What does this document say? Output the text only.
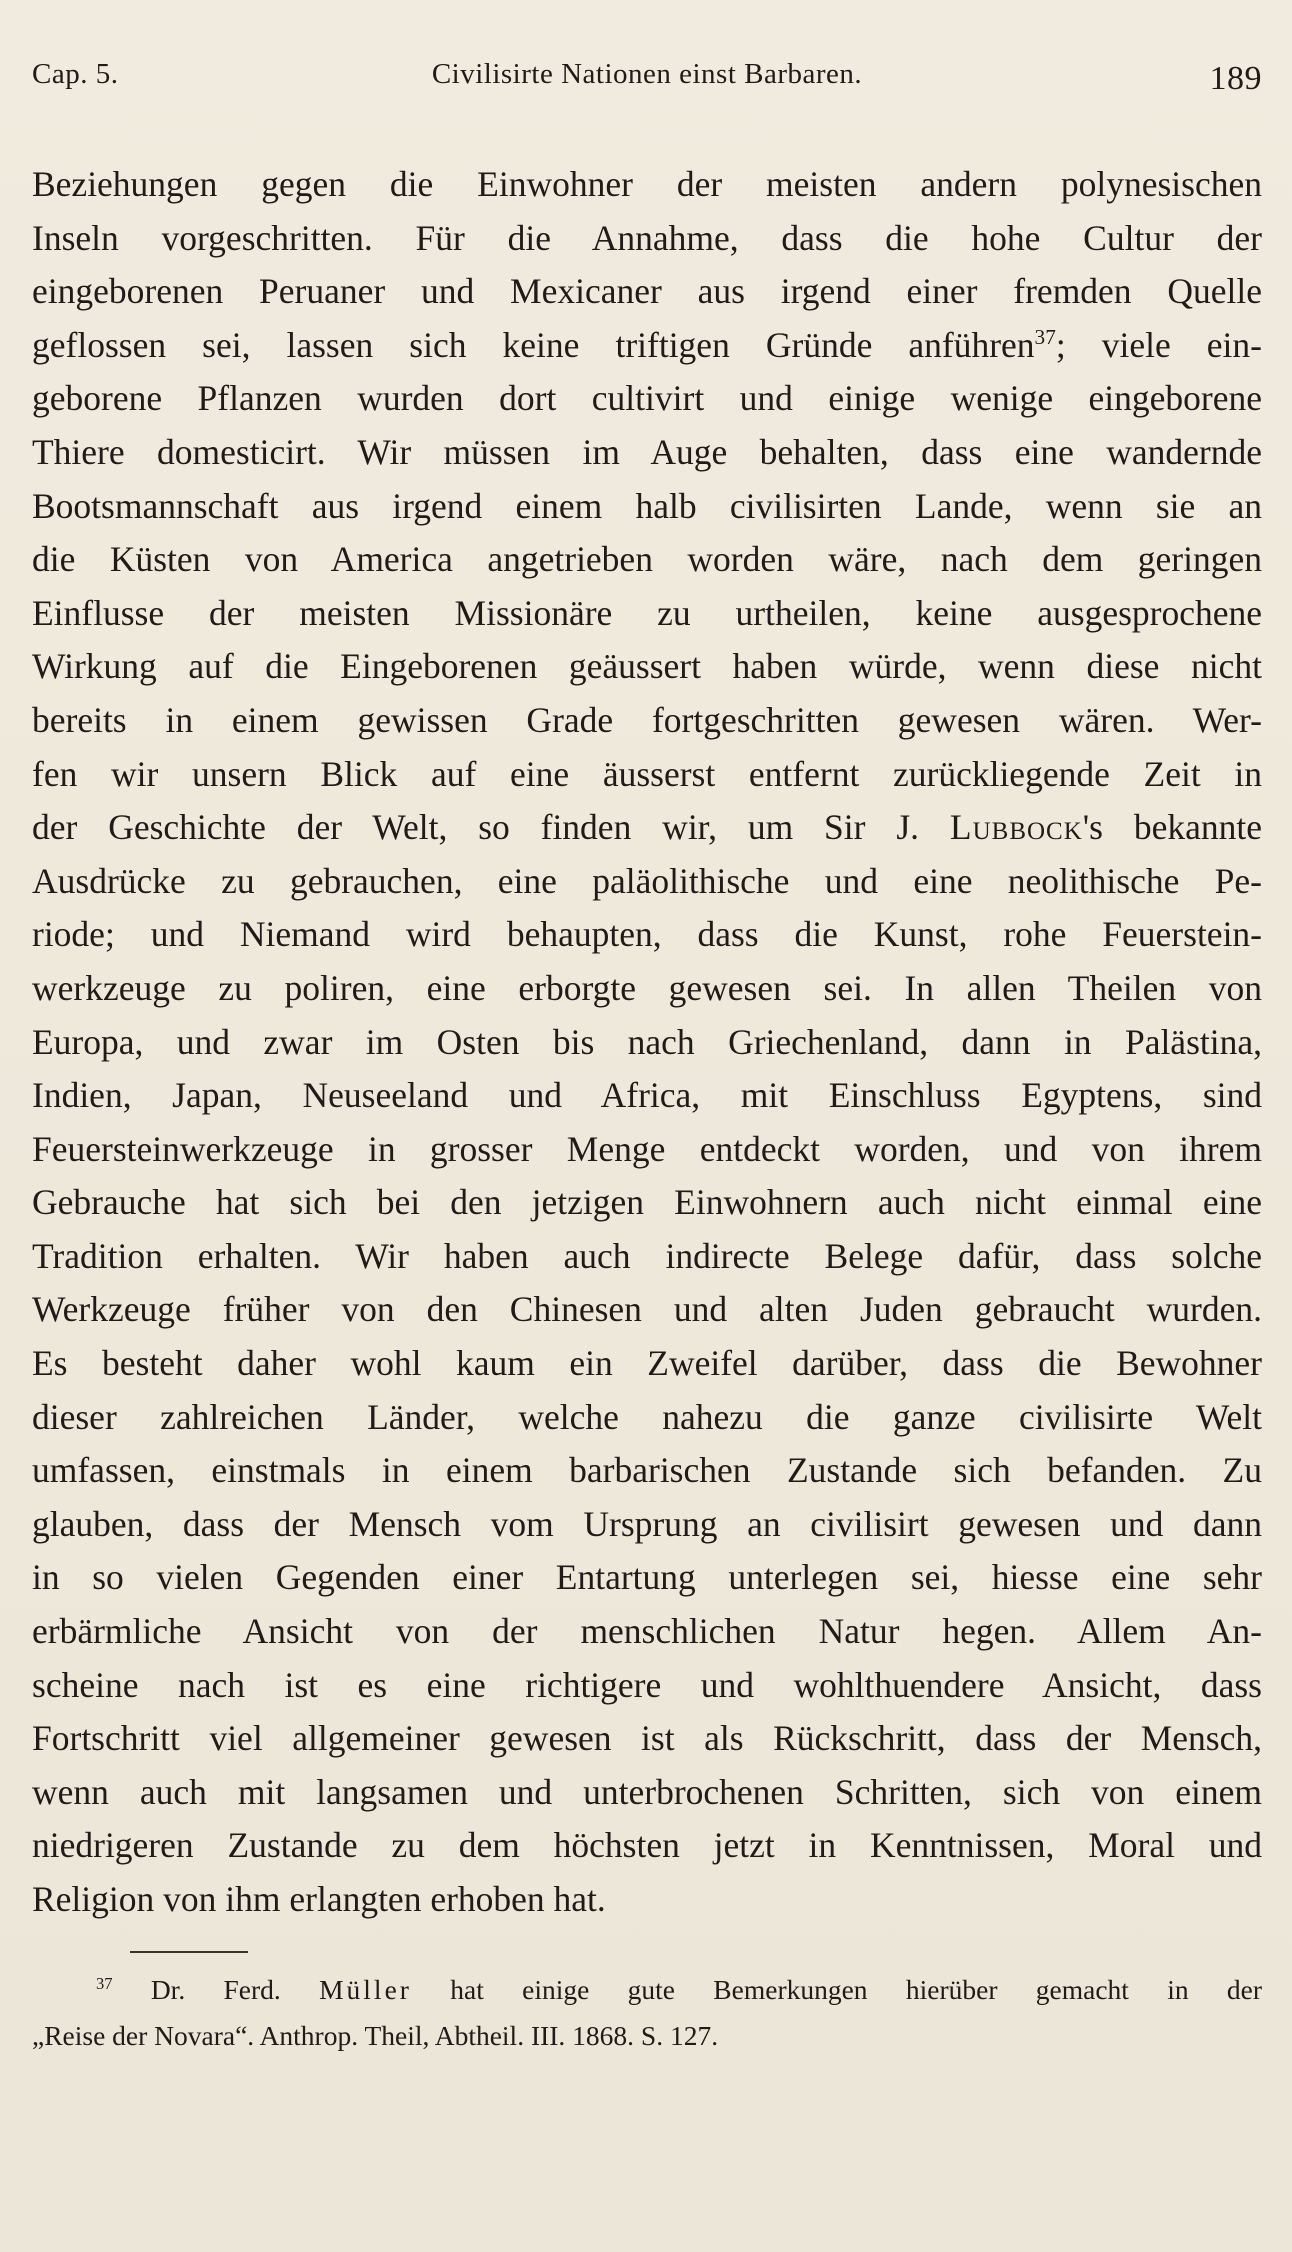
Cap. 5.	Civilisirte Nationen einst Barbaren.	189
Beziehungen gegen die Einwohner der meisten andern polynesischen
Inseln vorgeschritten. Für die Annahme, dass die hohe Cultur der
eingeborenen Peruaner und Mexicaner aus irgend einer fremden Quelle
geflossen sei, lassen sich keine triftigen Gründe anführen$^{37}$; viele ein-
geborene Pflanzen wurden dort cultivirt und einige wenige eingeborene
Thiere domesticirt. Wir müssen im Auge behalten, dass eine wandernde
Bootsmannschaft aus irgend einem halb civilisirten Lande, wenn sie an
die Küsten von America angetrieben worden wäre, nach dem geringen
Einflusse der meisten Missionäre zu urtheilen, keine ausgesprochene
Wirkung auf die Eingeborenen geäussert haben würde, wenn diese nicht
bereits in einem gewissen Grade fortgeschritten gewesen wären. Wer-
fen wir unsern Blick auf eine äusserst entfernt zurückliegende Zeit in
der Geschichte der Welt, so finden wir, um Sir J. Lubbock's bekannte
Ausdrücke zu gebrauchen, eine paläolithische und eine neolithische Pe-
riode; und Niemand wird behaupten, dass die Kunst, rohe Feuerstein-
werkzeuge zu poliren, eine erborgte gewesen sei. In allen Theilen von
Europa, und zwar im Osten bis nach Griechenland, dann in Palästina,
Indien, Japan, Neuseeland und Africa, mit Einschluss Egyptens, sind
Feuersteinwerkzeuge in grosser Menge entdeckt worden, und von ihrem
Gebrauche hat sich bei den jetzigen Einwohnern auch nicht einmal eine
Tradition erhalten. Wir haben auch indirecte Belege dafür, dass solche
Werkzeuge früher von den Chinesen und alten Juden gebraucht wurden.
Es besteht daher wohl kaum ein Zweifel darüber, dass die Bewohner
dieser zahlreichen Länder, welche nahezu die ganze civilisirte Welt
umfassen, einstmals in einem barbarischen Zustande sich befanden. Zu
glauben, dass der Mensch vom Ursprung an civilisirt gewesen und dann
in so vielen Gegenden einer Entartung unterlegen sei, hiesse eine sehr
erbärmliche Ansicht von der menschlichen Natur hegen. Allem An-
scheine nach ist es eine richtigere und wohlthuendere Ansicht, dass
Fortschritt viel allgemeiner gewesen ist als Rückschritt, dass der Mensch,
wenn auch mit langsamen und unterbrochenen Schritten, sich von einem
niedrigeren Zustande zu dem höchsten jetzt in Kenntnissen, Moral und
Religion von ihm erlangten erhoben hat.
$^{37}$ Dr. Ferd. Müller hat einige gute Bemerkungen hierüber gemacht in der
„Reise der Novara“. Anthrop. Theil, Abtheil. III. 1868. S. 127.
